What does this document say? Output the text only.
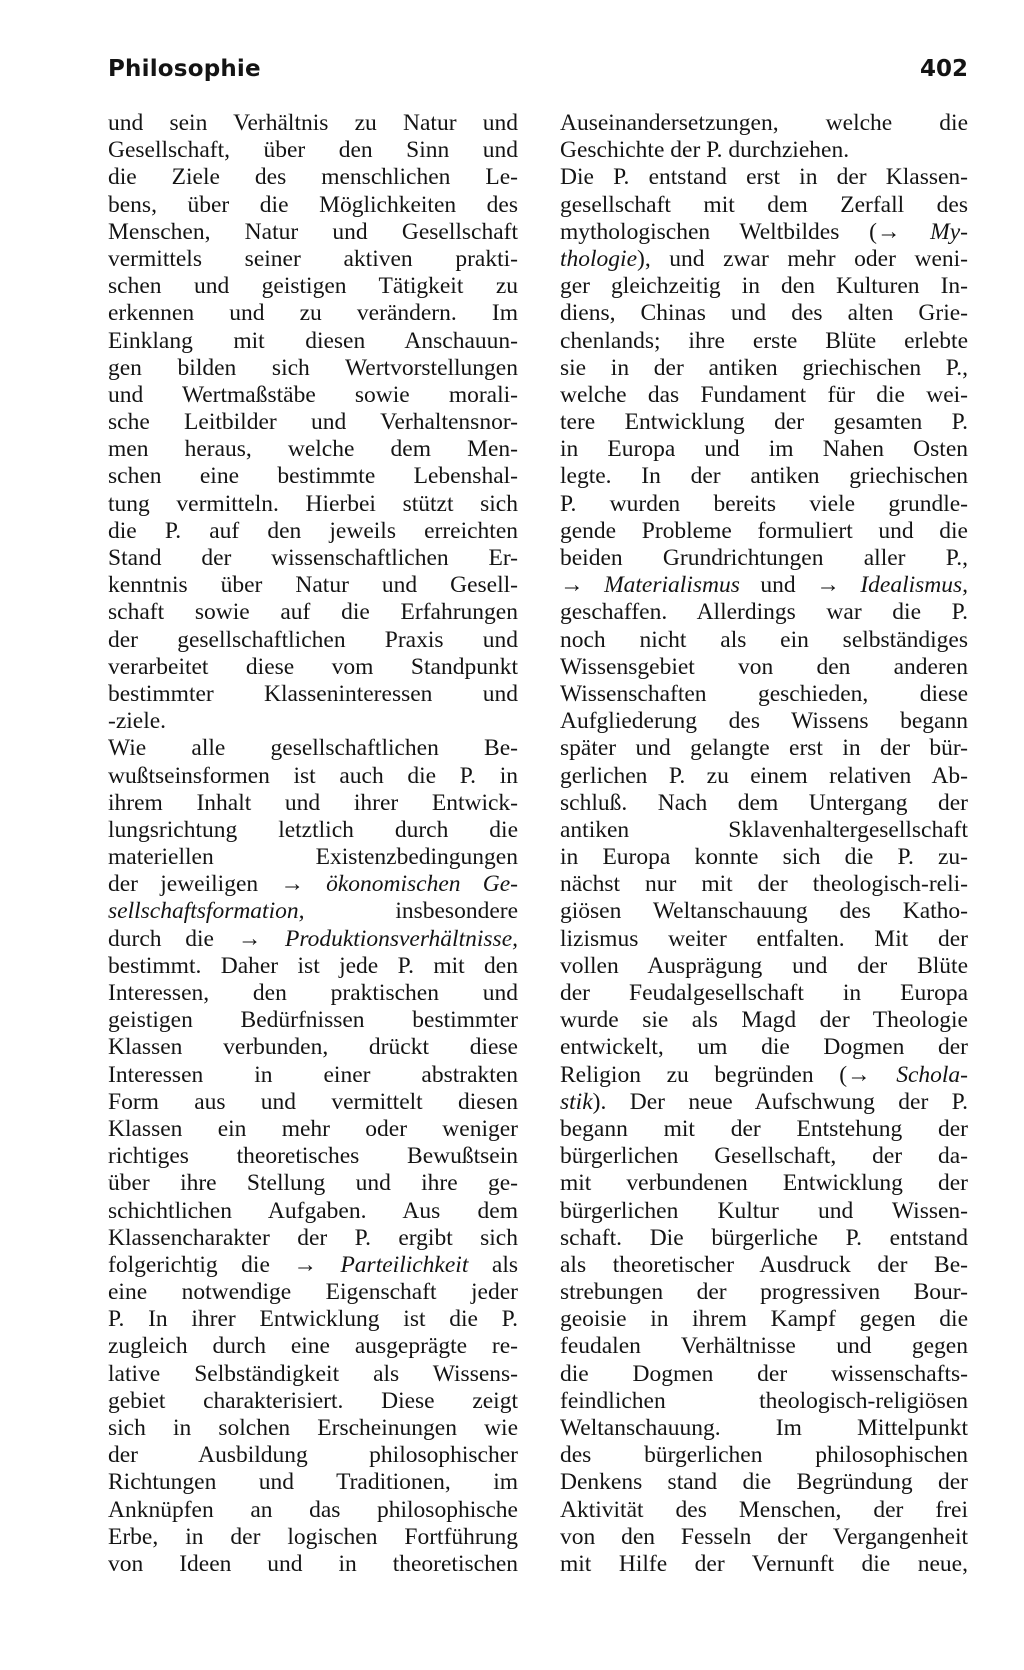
Philosophie	402
und sein Verhältnis zu Natur und
Gesellschaft, über den Sinn und
die Ziele des menschlichen Le-
bens, über die Möglichkeiten des
Menschen, Natur und Gesellschaft
vermittels seiner aktiven prakti-
schen und geistigen Tätigkeit zu
erkennen und zu verändern. Im
Einklang mit diesen Anschauun-
gen bilden sich Wertvorstellungen
und Wertmaßstäbe sowie morali-
sche Leitbilder und Verhaltensnor-
men heraus, welche dem Men-
schen eine bestimmte Lebenshal-
tung vermitteln. Hierbei stützt sich
die P. auf den jeweils erreichten
Stand der wissenschaftlichen Er-
kenntnis über Natur und Gesell-
schaft sowie auf die Erfahrungen
der gesellschaftlichen Praxis und
verarbeitet diese vom Standpunkt
bestimmter Klasseninteressen und
-ziele.
Wie alle gesellschaftlichen Be-
wußtseinsformen ist auch die P. in
ihrem Inhalt und ihrer Entwick-
lungsrichtung letztlich durch die
materiellen Existenzbedingungen
der jeweiligen → ökonomischen Ge-
sellschaftsformation, insbesondere
durch die → Produktionsverhältnisse,
bestimmt. Daher ist jede P. mit den
Interessen, den praktischen und
geistigen Bedürfnissen bestimmter
Klassen verbunden, drückt diese
Interessen in einer abstrakten
Form aus und vermittelt diesen
Klassen ein mehr oder weniger
richtiges theoretisches Bewußtsein
über ihre Stellung und ihre ge-
schichtlichen Aufgaben. Aus dem
Klassencharakter der P. ergibt sich
folgerichtig die → Parteilichkeit als
eine notwendige Eigenschaft jeder
P. In ihrer Entwicklung ist die P.
zugleich durch eine ausgeprägte re-
lative Selbständigkeit als Wissens-
gebiet charakterisiert. Diese zeigt
sich in solchen Erscheinungen wie
der Ausbildung philosophischer
Richtungen und Traditionen, im
Anknüpfen an das philosophische
Erbe, in der logischen Fortführung
von Ideen und in theoretischen
Auseinandersetzungen, welche die
Geschichte der P. durchziehen.
Die P. entstand erst in der Klassen-
gesellschaft mit dem Zerfall des
mythologischen Weltbildes (→ My-
thologie), und zwar mehr oder weni-
ger gleichzeitig in den Kulturen In-
diens, Chinas und des alten Grie-
chenlands; ihre erste Blüte erlebte
sie in der antiken griechischen P.,
welche das Fundament für die wei-
tere Entwicklung der gesamten P.
in Europa und im Nahen Osten
legte. In der antiken griechischen
P. wurden bereits viele grundle-
gende Probleme formuliert und die
beiden Grundrichtungen aller P.,
→ Materialismus und → Idealismus,
geschaffen. Allerdings war die P.
noch nicht als ein selbständiges
Wissensgebiet von den anderen
Wissenschaften geschieden, diese
Aufgliederung des Wissens begann
später und gelangte erst in der bür-
gerlichen P. zu einem relativen Ab-
schluß. Nach dem Untergang der
antiken Sklavenhaltergesellschaft
in Europa konnte sich die P. zu-
nächst nur mit der theologisch-reli-
giösen Weltanschauung des Katho-
lizismus weiter entfalten. Mit der
vollen Ausprägung und der Blüte
der Feudalgesellschaft in Europa
wurde sie als Magd der Theologie
entwickelt, um die Dogmen der
Religion zu begründen (→ Schola-
stik). Der neue Aufschwung der P.
begann mit der Entstehung der
bürgerlichen Gesellschaft, der da-
mit verbundenen Entwicklung der
bürgerlichen Kultur und Wissen-
schaft. Die bürgerliche P. entstand
als theoretischer Ausdruck der Be-
strebungen der progressiven Bour-
geoisie in ihrem Kampf gegen die
feudalen Verhältnisse und gegen
die Dogmen der wissenschafts-
feindlichen theologisch-religiösen
Weltanschauung. Im Mittelpunkt
des bürgerlichen philosophischen
Denkens stand die Begründung der
Aktivität des Menschen, der frei
von den Fesseln der Vergangenheit
mit Hilfe der Vernunft die neue,
